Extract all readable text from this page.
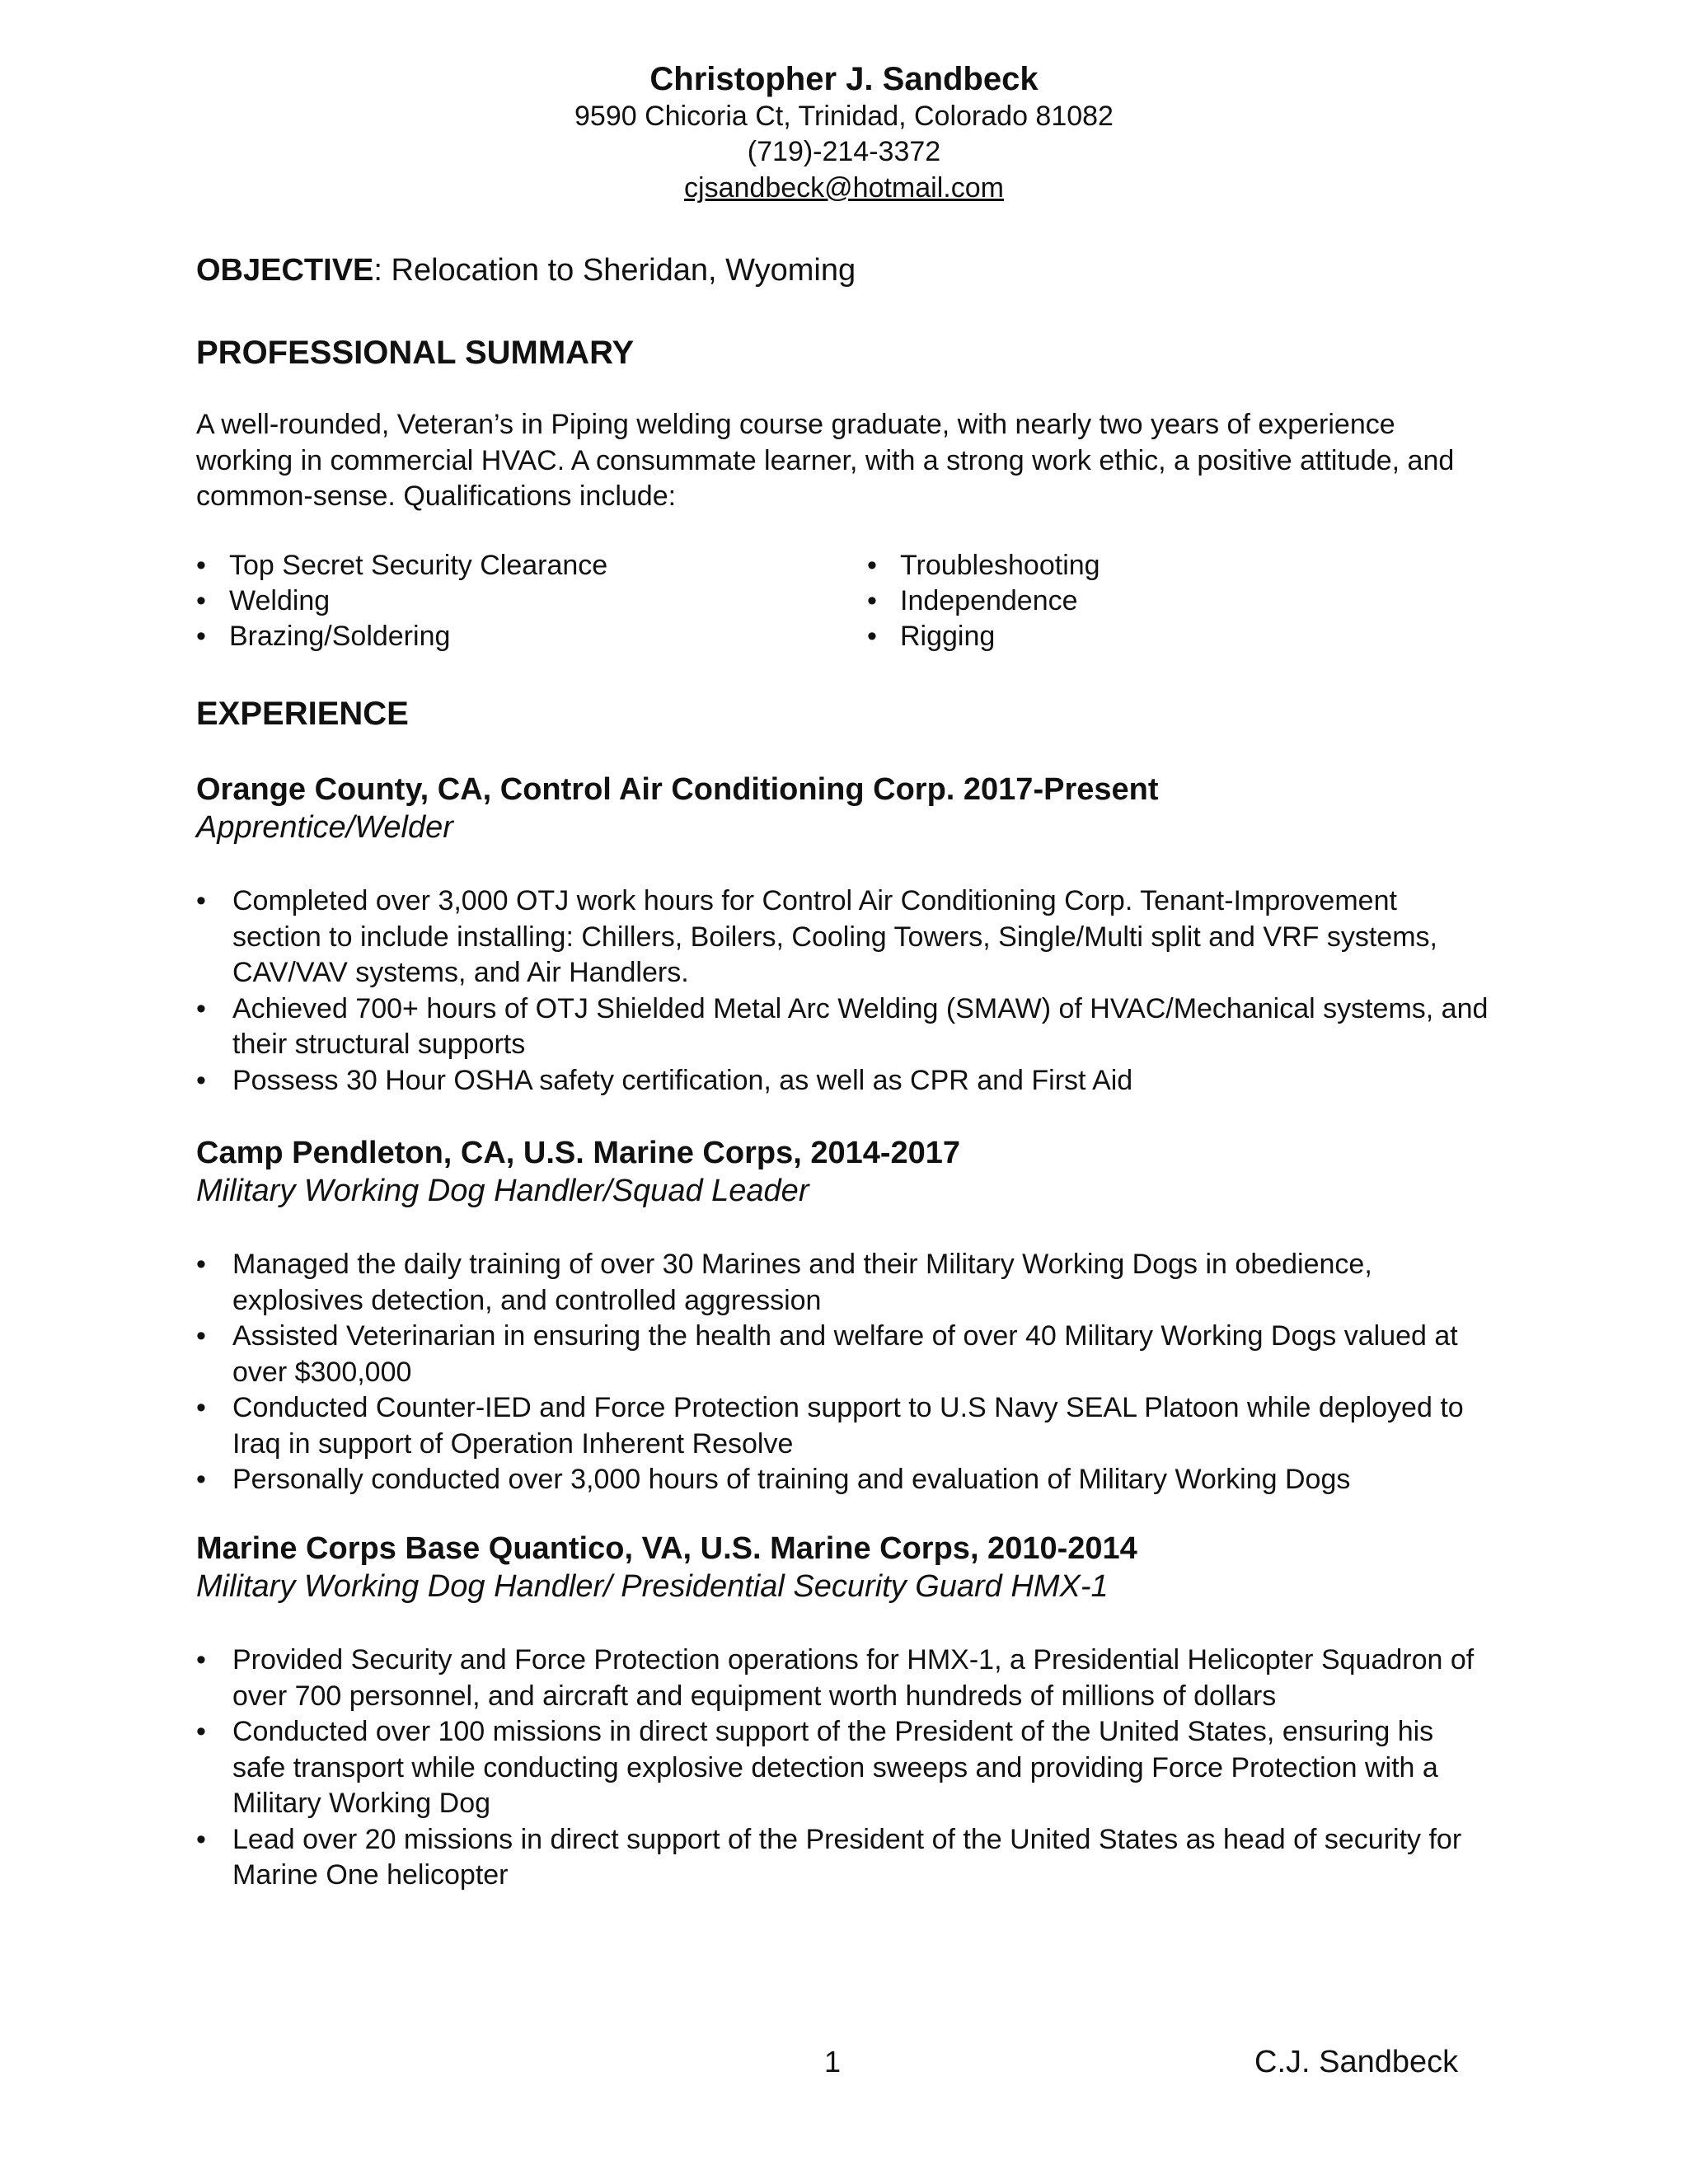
Christopher J. Sandbeck

9590 Chicoria Ct, Trinidad, Colorado 81082

(719)-214-3372

cjsandbeck@hotmail.com

OBJECTIVE: Relocation to Sheridan, Wyoming

PROFESSIONAL SUMMARY

A well-rounded, Veteran’s in Piping welding course graduate, with nearly two years of experience working in commercial HVAC. A consummate learner, with a strong work ethic, a positive attitude, and common-sense. Qualifications include:

• Top Secret Security Clearance
• Welding
• Brazing/Soldering
• Troubleshooting
• Independence
• Rigging

EXPERIENCE

Orange County, CA, Control Air Conditioning Corp. 2017-Present

Apprentice/Welder

• Completed over 3,000 OTJ work hours for Control Air Conditioning Corp. Tenant-Improvement section to include installing: Chillers, Boilers, Cooling Towers, Single/Multi split and VRF systems, CAV/VAV systems, and Air Handlers.
• Achieved 700+ hours of OTJ Shielded Metal Arc Welding (SMAW) of HVAC/Mechanical systems, and their structural supports
• Possess 30 Hour OSHA safety certification, as well as CPR and First Aid

Camp Pendleton, CA, U.S. Marine Corps, 2014-2017

Military Working Dog Handler/Squad Leader

• Managed the daily training of over 30 Marines and their Military Working Dogs in obedience, explosives detection, and controlled aggression
• Assisted Veterinarian in ensuring the health and welfare of over 40 Military Working Dogs valued at over $300,000
• Conducted Counter-IED and Force Protection support to U.S Navy SEAL Platoon while deployed to Iraq in support of Operation Inherent Resolve
• Personally conducted over 3,000 hours of training and evaluation of Military Working Dogs

Marine Corps Base Quantico, VA, U.S. Marine Corps, 2010-2014

Military Working Dog Handler/ Presidential Security Guard HMX-1

• Provided Security and Force Protection operations for HMX-1, a Presidential Helicopter Squadron of over 700 personnel, and aircraft and equipment worth hundreds of millions of dollars
• Conducted over 100 missions in direct support of the President of the United States, ensuring his safe transport while conducting explosive detection sweeps and providing Force Protection with a Military Working Dog
• Lead over 20 missions in direct support of the President of the United States as head of security for Marine One helicopter

1	C.J. Sandbeck
